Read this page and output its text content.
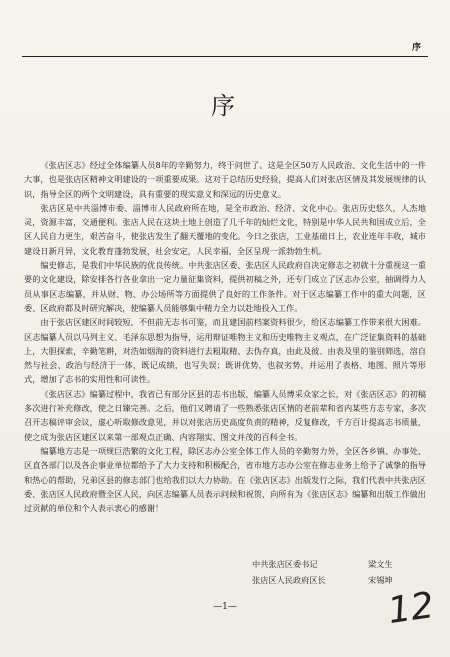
序
序

《张店区志》经过全体编纂人员8年的辛勤努力，终于问世了。这是全区50万人民政治、文化生活中的一件大事，也是张店区精神文明建设的一项重要成果。这对于总结历史经验，提高人们对张店区情及其发展规律的认识，指导全区的两个文明建设，具有重要的现实意义和深远的历史意义。

张店区是中共淄博市委、淄博市人民政府所在地，是全市政治、经济、文化中心。张店历史悠久，人杰地灵，资源丰富，交通便利。张店人民在这块土地上创造了几千年的灿烂文化，特别是中华人民共和国成立后，全区人民自力更生，艰苦奋斗，使张店发生了翻天覆地的变化。今日之张店，工业基础日上，农业连年丰收，城市建设日新月异，文化教育蓬勃发展，社会安定，人民幸福，全区呈现一派勃勃生机。

编史修志，是我们中华民族的优良传统。中共张店区委、张店区人民政府自决定修志之初就十分重视这一重要的文化建设，除安排各行各业拿出一定力量征集资料，提供初稿之外，还专门成立了区志办公室，抽调得力人员从事区志编纂，并从财、物、办公场所等方面提供了良好的工作条件。对于区志编纂工作中的重大问题，区委、区政府都及时研究解决，使编纂人员能够集中精力全力以赴地投入工作。

由于张店区建区时间较短，不但前无志书可鉴，而且建国前档案资料很少，给区志编纂工作带来很大困难。区志编纂人员以马列主义、毛泽东思想为指导，运用辩证唯物主义和历史唯物主义观点，在广泛征集资料的基础上，大胆探索，辛勤笔耕，对浩如烟海的资料进行去粗取精、去伪存真，由此及彼、由表及里的鉴别筛选，溶自然与社会、政治与经济于一体，既记成绩，也写失误；既讲优势，也叙劣势，并运用了表格、地图、照片等形式，增加了志书的实用性和可读性。

《张店区志》编纂过程中，我省已有部分区县的志书出版，编纂人员博采众家之长，对《张店区志》的初稿多次进行补充修改，使之日臻完善。之后，他们又聘请了一些熟悉张店区情的老前辈和省内某些方志专家，多次召开志稿评审会议，虚心听取修改意见，并以对张店历史高度负责的精神，反复修改，千方百计提高志书质量，使之成为张店区建区以来第一部观点正确、内容翔实、图文并茂的百科全书。

编纂地方志是一项规巨浩繁的文化工程，除区志办公室全体工作人员的辛勤努力外，全区各乡镇、办事处、区直各部门以及各企事业单位都给予了大力支持和积极配合，省市地方志办公室在修志业务上给予了诚挚的指导和热心的帮助，兄弟区县的修志部门也给我们以大力协助。在《张店区志》出版发行之际，我们代表中共张店区委、张店区人民政府暨全区人民，向区志编纂人员表示问候和祝贺，向所有为《张店区志》编纂和出版工作做出过贡献的单位和个人表示衷心的感谢！

中共张店区委书记	梁文生
张店区人民政府区长	宋锡坤
—1—	12
